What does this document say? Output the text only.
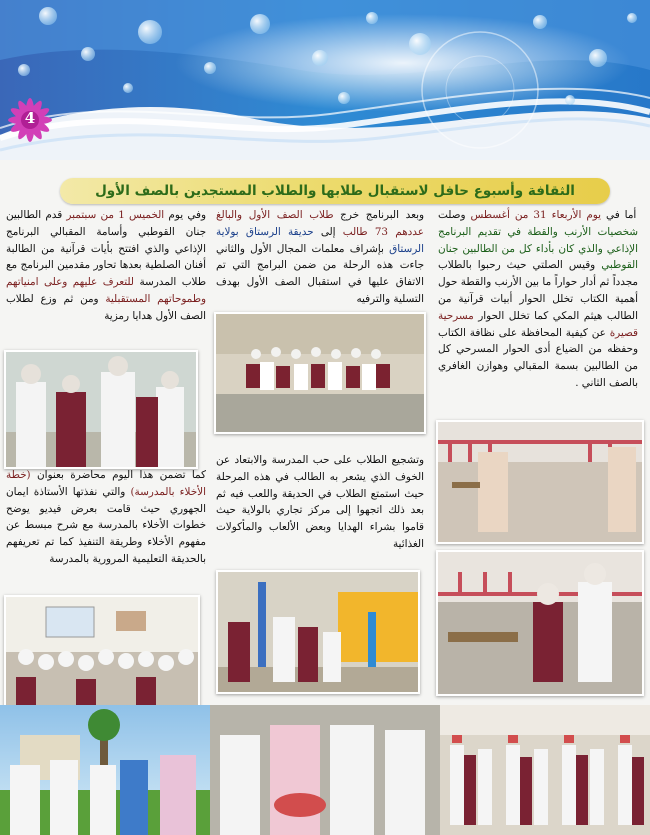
4
الثقافة وأسبوع حافل لاستقبال طلابها والطلاب المستجدين بالصف الأول
أما في يوم الأربعاء 31 من أغسطس وصلت شخصيات الأرنب والقطة في تقديم البرنامج الإذاعي والذي كان بأداء كل من الطالبين جنان القوطبي وقيس الصلتي حيث رحبوا بالطلاب مجدداً ثم أدار حواراً ما بين الأرنب والقطة حول أهمية الكتاب تخلل الحوار أبيات قرآنية من الطالب هيثم المكي كما تخلل الحوار مسرحية قصيرة عن كيفية المحافظة على نظافة الكتاب وحفظه من الضياع أدى الحوار المسرحي كل من الطالبين بسمة المقبالي وهوازن الغافري بالصف الثاني .
وبعد البرنامج خرج طلاب الصف الأول والبالغ عددهم 73 طالب إلى حديقة الرستاق بولاية الرستاق بإشراف معلمات المجال الأول والثاني جاءت هذه الرحلة من ضمن البرامج التي تم الاتفاق عليها في استقبال الصف الأول بهدف التسلية والترفيه
وتشجيع الطلاب على حب المدرسة والابتعاد عن الخوف الذي يشعر به الطالب في هذه المرحلة حيث استمتع الطلاب في الحديقة واللعب فيه ثم بعد ذلك اتجهوا إلى مركز تجاري بالولاية حيث قاموا بشراء الهدايا وبعض الألعاب والمأكولات الغذائية
وفي يوم الخميس 1 من سبتمبر قدم الطالبين جنان القوطبي وأسامة المقبالي البرنامج الإذاعي والذي افتتح بأيات قرآنية من الطالبة أفنان الصلطية بعدها تحاور مقدمين البرنامج مع طلاب المدرسة للتعرف عليهم وعلى امنياتهم وطموحاتهم المستقبلية ومن ثم وزع لطلاب الصف الأول هدايا رمزية
كما تضمن هذا اليوم محاضرة بعنوان (خطة الأخلاء بالمدرسة) والتي نفذتها الأستاذة ايمان الجهوري حيث قامت بعرض فيديو يوضح خطوات الأخلاء بالمدرسة مع شرح مبسط عن مفهوم الأخلاء وطريقة التنفيذ كما تم تعريفهم بالحديقة التعليمية المرورية بالمدرسة
